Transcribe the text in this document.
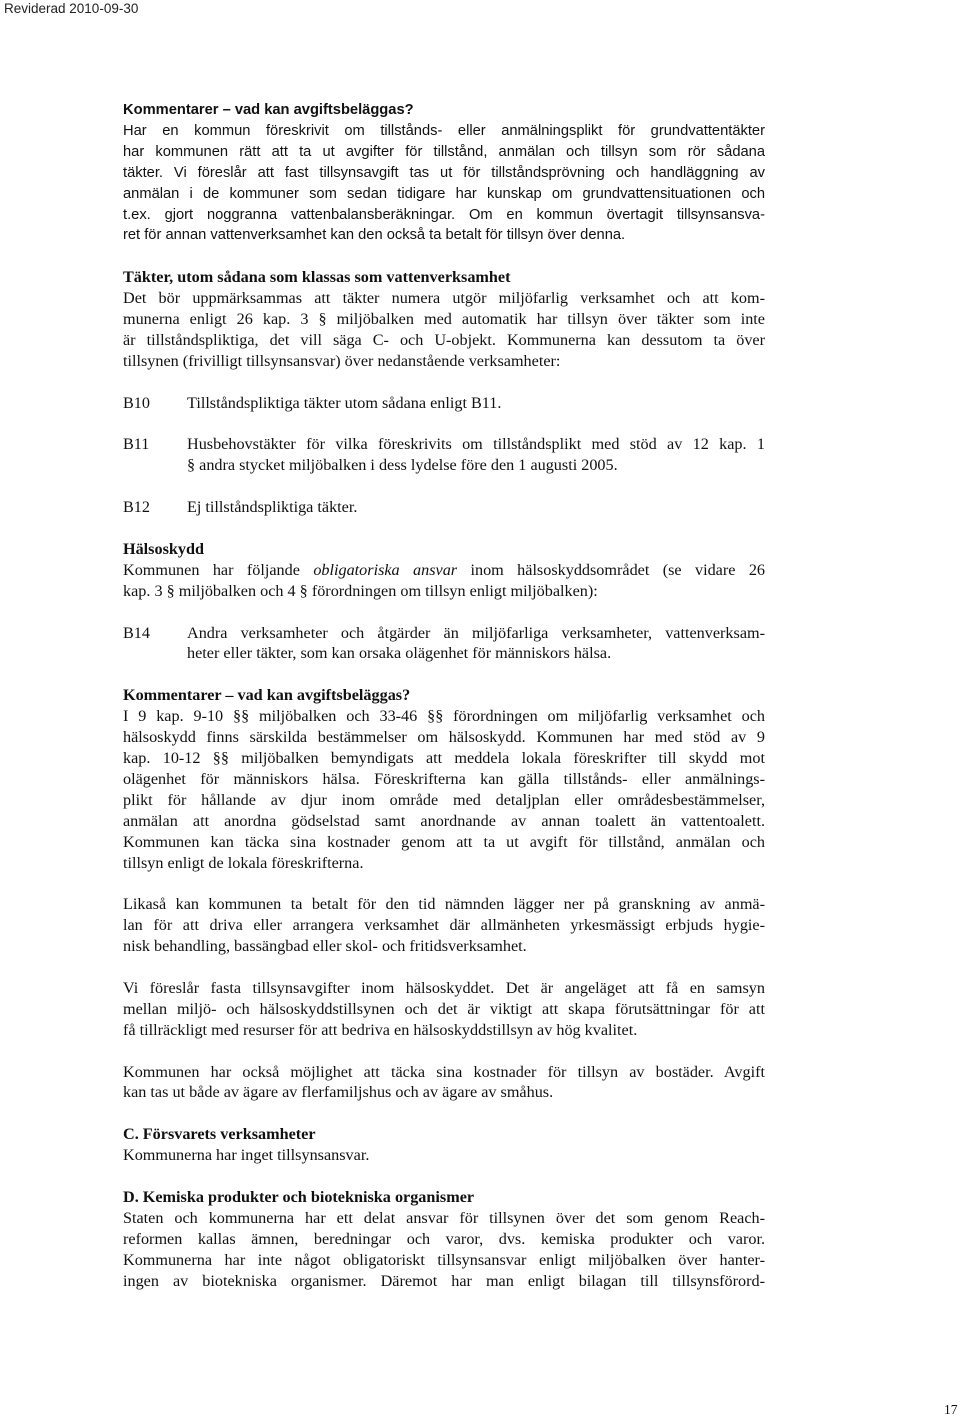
Reviderad 2010-09-30

Kommentarer – vad kan avgiftsbeläggas?

Har en kommun föreskrivit om tillstånds- eller anmälningsplikt för grundvattentäkter

har kommunen rätt att ta ut avgifter för tillstånd, anmälan och tillsyn som rör sådana

täkter. Vi föreslår att fast tillsynsavgift tas ut för tillståndsprövning och handläggning av

anmälan i de kommuner som sedan tidigare har kunskap om grundvattensituationen och

t.ex. gjort noggranna vattenbalansberäkningar. Om en kommun övertagit tillsynsansva-

ret för annan vattenverksamhet kan den också ta betalt för tillsyn över denna.

Täkter, utom sådana som klassas som vattenverksamhet

Det bör uppmärksammas att täkter numera utgör miljöfarlig verksamhet och att kom-

munerna enligt 26 kap. 3 § miljöbalken med automatik har tillsyn över täkter som inte

är tillståndspliktiga, det vill säga C- och U-objekt. Kommunerna kan dessutom ta över

tillsynen (frivilligt tillsynsansvar) över nedanstående verksamheter:

B10	Tillståndspliktiga täkter utom sådana enligt B11.

B11	Husbehovstäkter för vilka föreskrivits om tillståndsplikt med stöd av 12 kap. 1

§ andra stycket miljöbalken i dess lydelse före den 1 augusti 2005.

B12	Ej tillståndspliktiga täkter.

Hälsoskydd

Kommunen har följande obligatoriska ansvar inom hälsoskyddsområdet (se vidare 26

kap. 3 § miljöbalken och 4 § förordningen om tillsyn enligt miljöbalken):

B14	Andra verksamheter och åtgärder än miljöfarliga verksamheter, vattenverksam-

heter eller täkter, som kan orsaka olägenhet för människors hälsa.

Kommentarer – vad kan avgiftsbeläggas?

I 9 kap. 9-10 §§ miljöbalken och 33-46 §§ förordningen om miljöfarlig verksamhet och

hälsoskydd finns särskilda bestämmelser om hälsoskydd. Kommunen har med stöd av 9

kap. 10-12 §§ miljöbalken bemyndigats att meddela lokala föreskrifter till skydd mot

olägenhet för människors hälsa. Föreskrifterna kan gälla tillstånds- eller anmälnings-

plikt för hållande av djur inom område med detaljplan eller områdesbestämmelser,

anmälan att anordna gödselstad samt anordnande av annan toalett än vattentoalett.

Kommunen kan täcka sina kostnader genom att ta ut avgift för tillstånd, anmälan och

tillsyn enligt de lokala föreskrifterna.

Likaså kan kommunen ta betalt för den tid nämnden lägger ner på granskning av anmä-

lan för att driva eller arrangera verksamhet där allmänheten yrkesmässigt erbjuds hygie-

nisk behandling, bassängbad eller skol- och fritidsverksamhet.

Vi föreslår fasta tillsynsavgifter inom hälsoskyddet. Det är angeläget att få en samsyn

mellan miljö- och hälsoskyddstillsynen och det är viktigt att skapa förutsättningar för att

få tillräckligt med resurser för att bedriva en hälsoskyddstillsyn av hög kvalitet.

Kommunen har också möjlighet att täcka sina kostnader för tillsyn av bostäder. Avgift

kan tas ut både av ägare av flerfamiljshus och av ägare av småhus.

C. Försvarets verksamheter

Kommunerna har inget tillsynsansvar.

D. Kemiska produkter och biotekniska organismer

Staten och kommunerna har ett delat ansvar för tillsynen över det som genom Reach-

reformen kallas ämnen, beredningar och varor, dvs. kemiska produkter och varor.

Kommunerna har inte något obligatoriskt tillsynsansvar enligt miljöbalken över hanter-

ingen av biotekniska organismer. Däremot har man enligt bilagan till tillsynsförord-

17
